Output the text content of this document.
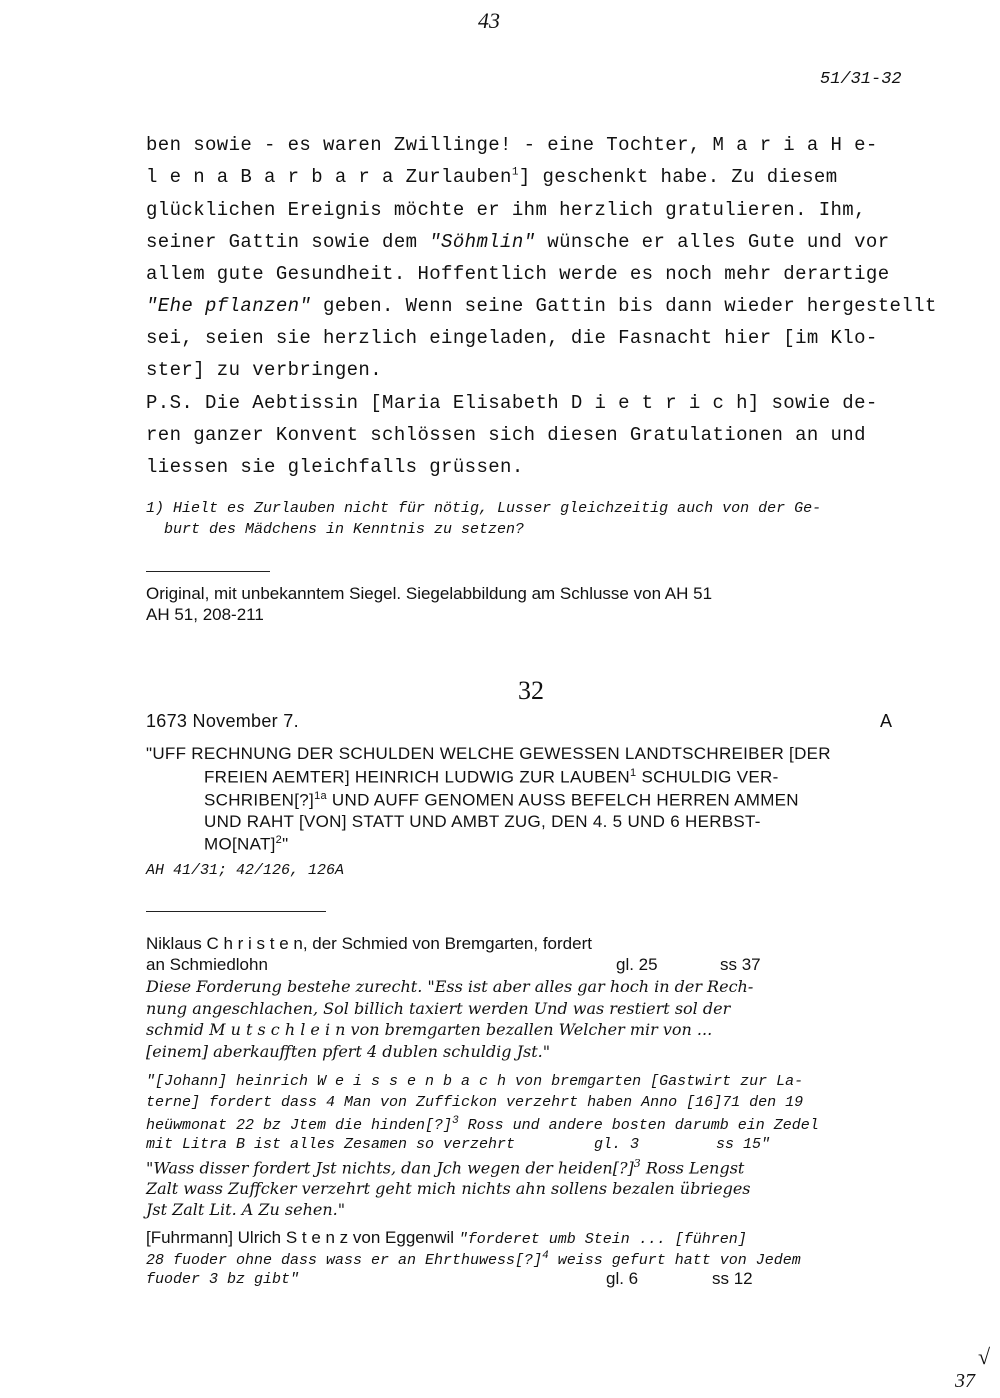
43
51/31-32
ben sowie - es waren Zwillinge! - eine Tochter, M a r i a H e-
l e n a B a r b a r a Zurlauben$^1$] geschenkt habe. Zu diesem
glücklichen Ereignis möchte er ihm herzlich gratulieren. Ihm,
seiner Gattin sowie dem "Söhmlin" wünsche er alles Gute und vor
allem gute Gesundheit. Hoffentlich werde es noch mehr derartige
"Ehe pflanzen" geben. Wenn seine Gattin bis dann wieder hergestellt
sei, seien sie herzlich eingeladen, die Fasnacht hier [im Klo-
ster] zu verbringen.
P.S. Die Aebtissin [Maria Elisabeth D i e t r i c h] sowie de-
ren ganzer Konvent schlössen sich diesen Gratulationen an und
liessen sie gleichfalls grüssen.
1) Hielt es Zurlauben nicht für nötig, Lusser gleichzeitig auch von der Ge-
burt des Mädchens in Kenntnis zu setzen?
Original, mit unbekanntem Siegel. Siegelabbildung am Schlusse von AH 51
AH 51, 208-211
32
1673 November 7.	A
"UFF RECHNUNG DER SCHULDEN WELCHE GEWESSEN LANDTSCHREIBER [DER
FREIEN AEMTER] HEINRICH LUDWIG ZUR LAUBEN$^1$ SCHULDIG VER-
SCHRIBEN[?]$^{1a}$ UND AUFF GENOMEN AUSS BEFELCH HERREN AMMEN
UND RAHT [VON] STATT UND AMBT ZUG, DEN 4. 5 UND 6 HERBST-
MO[NAT]$^2$"
AH 41/31; 42/126, 126A
Niklaus C h r i s t e n, der Schmied von Bremgarten, fordert
an Schmiedlohn	gl. 25	ss 37
Diese Forderung bestehe zurecht. "Ess ist aber alles gar hoch in der Rech-
nung angeschlachen, Sol billich taxiert werden Und was restiert sol der
schmid M u t s c h l e i n von bremgarten bezallen Welcher mir von ...
[einem] aberkaufften pfert 4 dublen schuldig Jst."
"[Johann] heinrich W e i s s e n b a c h von bremgarten [Gastwirt zur La-
terne] fordert dass 4 Man von Zuffickon verzehrt haben Anno [16]71 den 19
heüwmonat 22 bz Jtem die hinden[?]$^3$ Ross und andere bosten darumb ein Zedel
mit Litra B ist alles Zesamen so verzehrt	gl. 3	ss 15"
"Wass disser fordert Jst nichts, dan Jch wegen der heiden[?]$^3$ Ross Lengst
Zalt wass Zuffcker verzehrt geht mich nichts ahn sollens bezalen übrieges
Jst Zalt Lit. A Zu sehen."
[Fuhrmann] Ulrich S t e n z von Eggenwil "forderet umb Stein ... [führen]
28 fuoder ohne dass wass er an Ehrthuwess[?]$^4$ weiss gefurt hatt von Jedem
fuoder 3 bz gibt"	gl. 6	ss 12
√
37
